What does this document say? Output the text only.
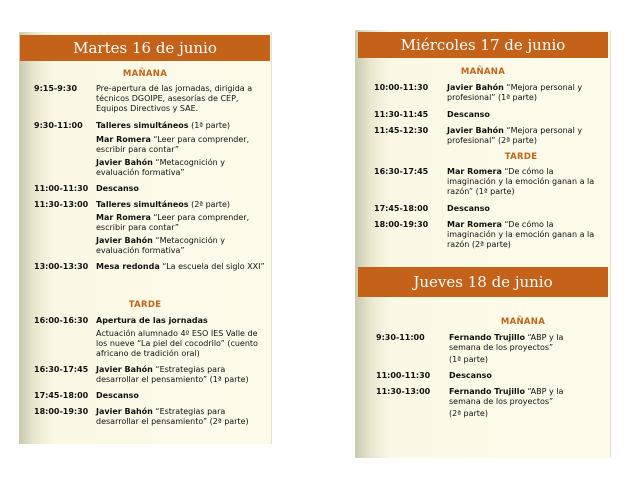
Martes 16 de junio
MAÑANA
9:15-9:30 Pre-apertura de las jornadas, dirigida a técnicos DGOIPE, asesorías de CEP, Equipos Directivos y SAE.
9:30-11:00 Talleres simultáneos (1ª parte)
Mar Romera “Leer para comprender, escribir para contar”
Javier Bahón “Metacognición y evaluación formativa”
11:00-11:30 Descanso
11:30-13:00 Talleres simultáneos (2ª parte)
Mar Romera “Leer para comprender, escribir para contar”
Javier Bahón “Metacognición y evaluación formativa”
13:00-13:30 Mesa redonda “La escuela del siglo XXI”
TARDE
16:00-16:30 Apertura de las jornadas
Actuación alumnado 4º ESO IES Valle de los nueve “La piel del cocodrilo” (cuento africano de tradición oral)
16:30-17:45 Javier Bahón “Estrategias para desarrollar el pensamiento” (1ª parte)
17:45-18:00 Descanso
18:00-19:30 Javier Bahón “Estrategias para desarrollar el pensamiento” (2ª parte)
Miércoles 17 de junio
MAÑANA
10:00-11:30 Javier Bahón “Mejora personal y profesional” (1ª parte)
11:30-11:45 Descanso
11:45-12:30 Javier Bahón “Mejora personal y profesional” (2ª parte)
TARDE
16:30-17:45 Mar Romera “De cómo la imaginación y la emoción ganan a la razón” (1ª parte)
17:45-18:00 Descanso
18:00-19:30 Mar Romera “De cómo la imaginación y la emoción ganan a la razón (2ª parte)
Jueves 18 de junio
MAÑANA
9:30-11:00	Fernando Trujillo “ABP y la semana de los proyectos”
(1ª parte)
11:00-11:30 Descanso
11:30-13:00 Fernando Trujillo “ABP y la semana de los proyectos”
(2ª parte)
